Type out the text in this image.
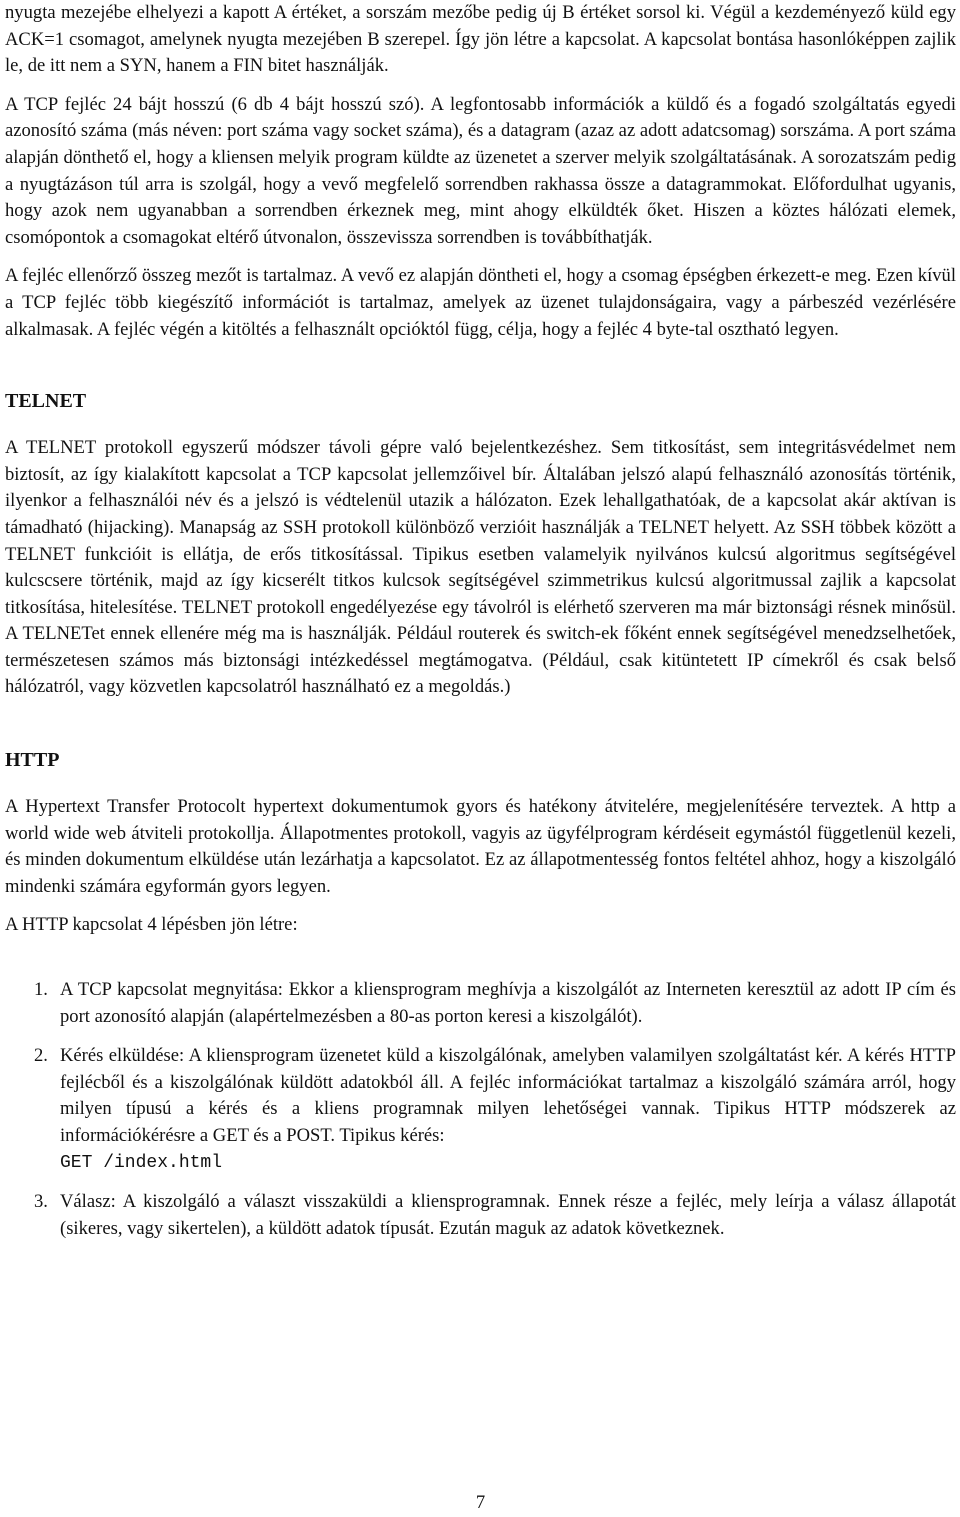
nyugta mezejébe elhelyezi a kapott A értéket, a sorszám mezőbe pedig új B értéket sorsol ki. Végül a kezdeményező küld egy ACK=1 csomagot, amelynek nyugta mezejében B szerepel. Így jön létre a kapcsolat. A kapcsolat bontása hasonlóképpen zajlik le, de itt nem a SYN, hanem a FIN bitet használják.

A TCP fejléc 24 bájt hosszú (6 db 4 bájt hosszú szó). A legfontosabb információk a küldő és a fogadó szolgáltatás egyedi azonosító száma (más néven: port száma vagy socket száma), és a datagram (azaz az adott adatcsomag) sorszáma. A port száma alapján dönthető el, hogy a kliensen melyik program küldte az üzenetet a szerver melyik szolgáltatásának. A sorozatszám pedig a nyugtázáson túl arra is szolgál, hogy a vevő megfelelő sorrendben rakhassa össze a datagrammokat. Előfordulhat ugyanis, hogy azok nem ugyanabban a sorrendben érkeznek meg, mint ahogy elküldték őket. Hiszen a köztes hálózati elemek, csomópontok a csomagokat eltérő útvonalon, összevissza sorrendben is továbbíthatják.

A fejléc ellenőrző összeg mezőt is tartalmaz. A vevő ez alapján döntheti el, hogy a csomag épségben érkezett-e meg. Ezen kívül a TCP fejléc több kiegészítő információt is tartalmaz, amelyek az üzenet tulajdonságaira, vagy a párbeszéd vezérlésére alkalmasak. A fejléc végén a kitöltés a felhasznált opcióktól függ, célja, hogy a fejléc 4 byte-tal osztható legyen.

TELNET

A TELNET protokoll egyszerű módszer távoli gépre való bejelentkezéshez. Sem titkosítást, sem integritásvédelmet nem biztosít, az így kialakított kapcsolat a TCP kapcsolat jellemzőivel bír. Általában jelszó alapú felhasználó azonosítás történik, ilyenkor a felhasználói név és a jelszó is védtelenül utazik a hálózaton. Ezek lehallgathatóak, de a kapcsolat akár aktívan is támadható (hijacking). Manapság az SSH protokoll különböző verzióit használják a TELNET helyett. Az SSH többek között a TELNET funkcióit is ellátja, de erős titkosítással. Tipikus esetben valamelyik nyilvános kulcsú algoritmus segítségével kulcscsere történik, majd az így kicserélt titkos kulcsok segítségével szimmetrikus kulcsú algoritmussal zajlik a kapcsolat titkosítása, hitelesítése. TELNET protokoll engedélyezése egy távolról is elérhető szerveren ma már biztonsági résnek minősül. A TELNETet ennek ellenére még ma is használják. Például routerek és switch-ek főként ennek segítségével menedzselhetőek, természetesen számos más biztonsági intézkedéssel megtámogatva. (Például, csak kitüntetett IP címekről és csak belső hálózatról, vagy közvetlen kapcsolatról használható ez a megoldás.)

HTTP

A Hypertext Transfer Protocolt hypertext dokumentumok gyors és hatékony átvitelére, megjelenítésére terveztek. A http a world wide web átviteli protokollja. Állapotmentes protokoll, vagyis az ügyfélprogram kérdéseit egymástól függetlenül kezeli, és minden dokumentum elküldése után lezárhatja a kapcsolatot. Ez az állapotmentesség fontos feltétel ahhoz, hogy a kiszolgáló mindenki számára egyformán gyors legyen.

A HTTP kapcsolat 4 lépésben jön létre:

1. A TCP kapcsolat megnyitása: Ekkor a kliensprogram meghívja a kiszolgálót az Interneten keresztül az adott IP cím és port azonosító alapján (alapértelmezésben a 80-as porton keresi a kiszolgálót).

2. Kérés elküldése: A kliensprogram üzenetet küld a kiszolgálónak, amelyben valamilyen szolgáltatást kér. A kérés HTTP fejlécből és a kiszolgálónak küldött adatokból áll. A fejléc információkat tartalmaz a kiszolgáló számára arról, hogy milyen típusú a kérés és a kliens programnak milyen lehetőségei vannak. Tipikus HTTP módszerek az információkérésre a GET és a POST. Tipikus kérés:

GET /index.html
3. Válasz: A kiszolgáló a választ visszaküldi a kliensprogramnak. Ennek része a fejléc, mely leírja a válasz állapotát (sikeres, vagy sikertelen), a küldött adatok típusát. Ezután maguk az adatok következnek.

7
